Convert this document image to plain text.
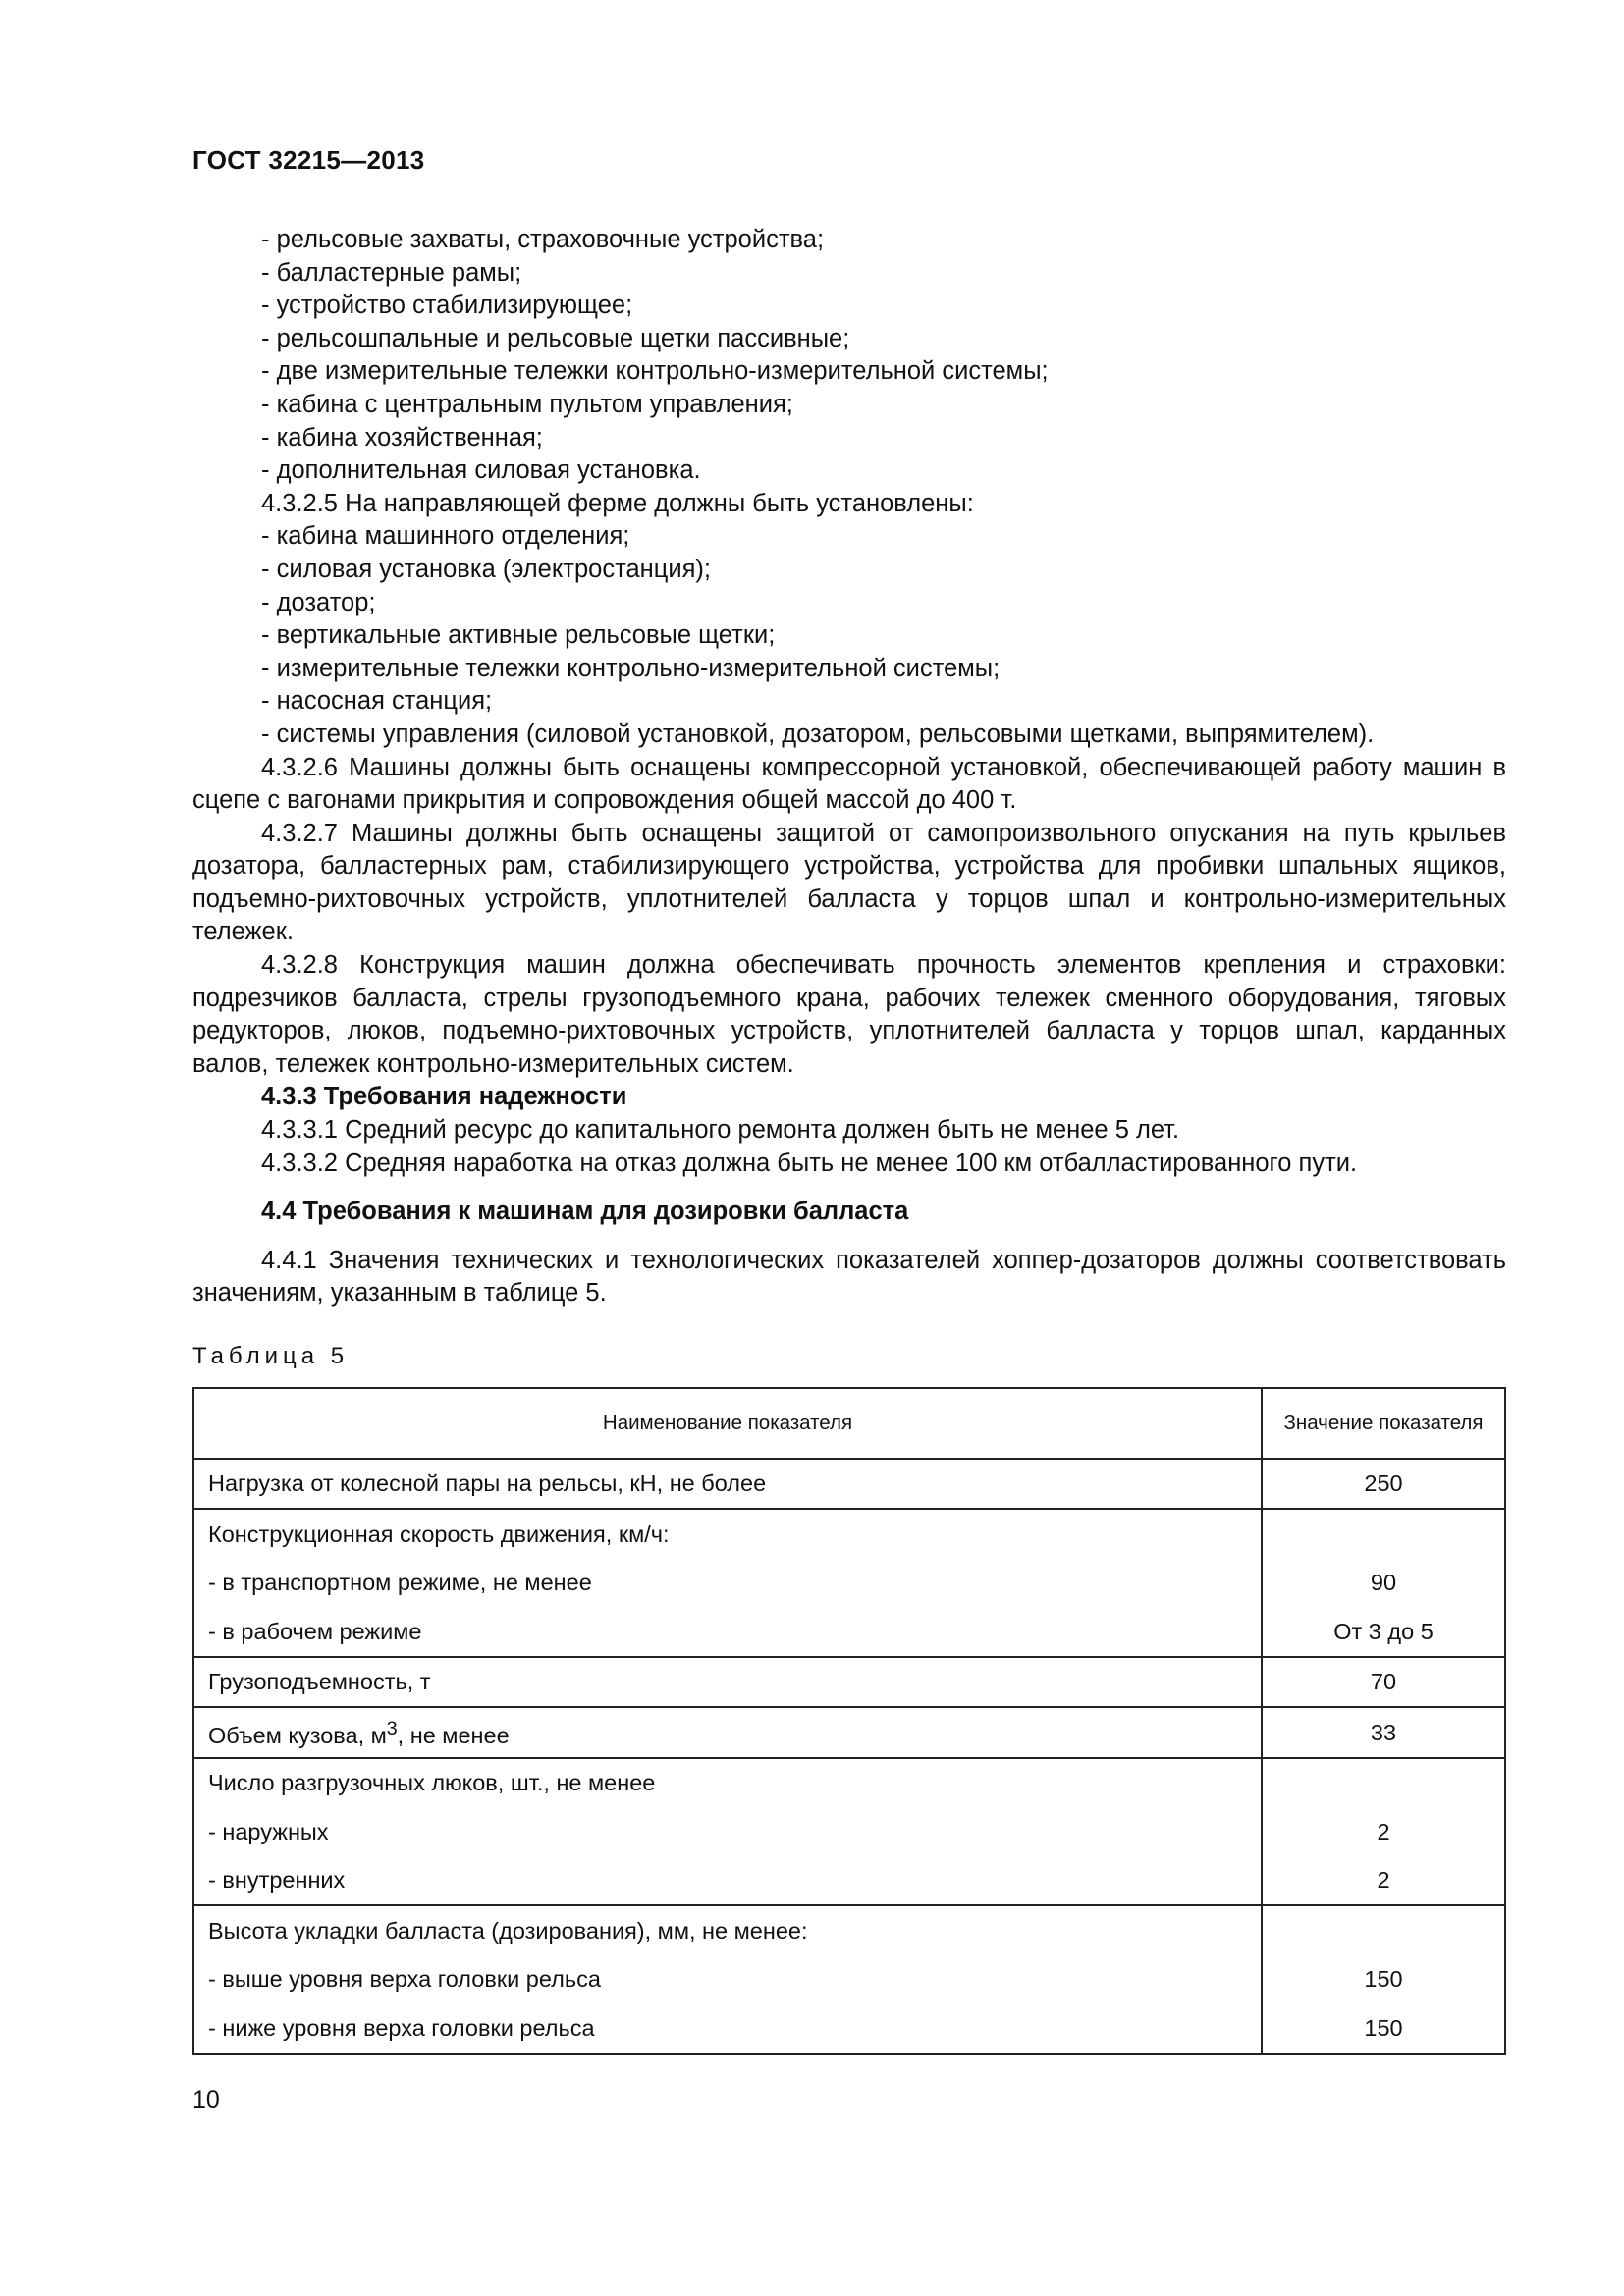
ГОСТ 32215—2013

- рельсовые захваты, страховочные устройства;

- балластерные рамы;

- устройство стабилизирующее;

- рельсошпальные и рельсовые щетки пассивные;

- две измерительные тележки контрольно-измерительной системы;

- кабина с центральным пультом управления;

- кабина хозяйственная;

- дополнительная силовая установка.

4.3.2.5 На направляющей ферме должны быть установлены:

- кабина машинного отделения;

- силовая установка (электростанция);

- дозатор;

- вертикальные активные рельсовые щетки;

- измерительные тележки контрольно-измерительной системы;

- насосная станция;

- системы управления (силовой установкой, дозатором, рельсовыми щетками, выпрямителем).

4.3.2.6 Машины должны быть оснащены компрессорной установкой, обеспечивающей работу машин в сцепе с вагонами прикрытия и сопровождения общей массой до 400 т.

4.3.2.7 Машины должны быть оснащены защитой от самопроизвольного опускания на путь крыльев дозатора, балластерных рам, стабилизирующего устройства, устройства для пробивки шпальных ящиков, подъемно-рихтовочных устройств, уплотнителей балласта у торцов шпал и контрольно-измерительных тележек.

4.3.2.8 Конструкция машин должна обеспечивать прочность элементов крепления и страховки: подрезчиков балласта, стрелы грузоподъемного крана, рабочих тележек сменного оборудования, тяговых редукторов, люков, подъемно-рихтовочных устройств, уплотнителей балласта у торцов шпал, карданных валов, тележек контрольно-измерительных систем.

4.3.3 Требования надежности

4.3.3.1 Средний ресурс до капитального ремонта должен быть не менее 5 лет.

4.3.3.2 Средняя наработка на отказ должна быть не менее 100 км отбалластированного пути.

4.4 Требования к машинам для дозировки балласта

4.4.1 Значения технических и технологических показателей хоппер-дозаторов должны соответствовать значениям, указанным в таблице 5.

Таблица 5

Наименование показателя	Значение показателя
Нагрузка от колесной пары на рельсы, кН, не более	250
Конструкционная скорость движения, км/ч:	
- в транспортном режиме, не менее	90
- в рабочем режиме	От 3 до 5
Грузоподъемность, т	70
Объем кузова, $м^3$, не менее	33
Число разгрузочных люков, шт., не менее	
- наружных	2
- внутренних	2
Высота укладки балласта (дозирования), мм, не менее:	
- выше уровня верха головки рельса	150
- ниже уровня верха головки рельса	150
10
